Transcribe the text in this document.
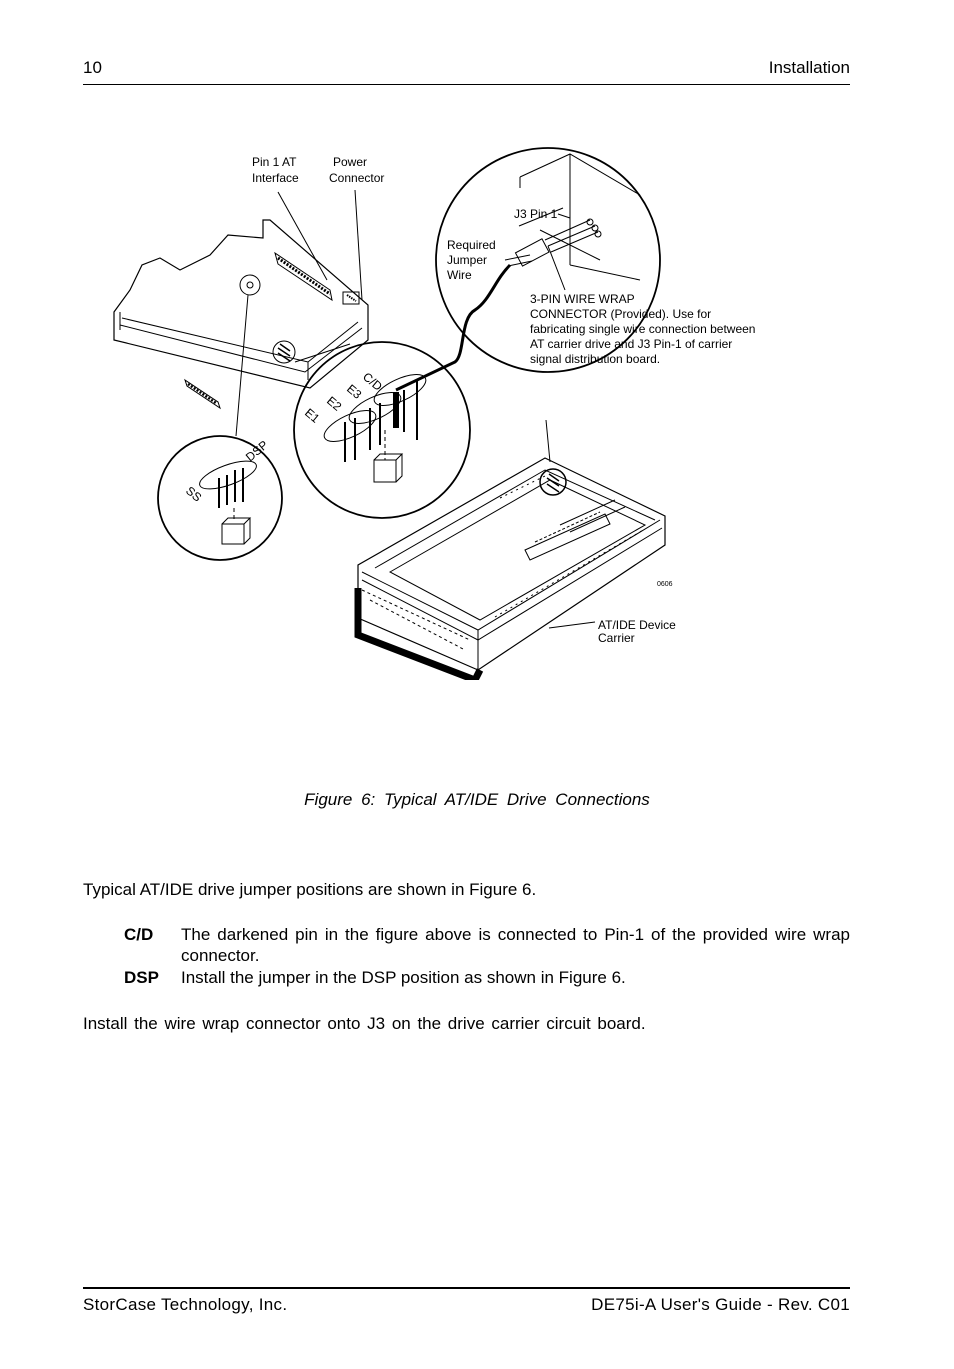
10	Installation
Pin 1 AT
Interface
Power
Connector
J3 Pin 1
Required
Jumper
Wire
3-PIN WIRE WRAP
CONNECTOR (Provided). Use for
fabricating single wire connection between
AT carrier drive and J3 Pin-1 of carrier
signal distribution board.
AT/IDE Device
Carrier
C/D
E3
E2
E1
SS
DSP
0606
Figure 6: Typical AT/IDE Drive Connections
Typical AT/IDE drive jumper positions are shown in Figure 6.
C/D The darkened pin in the figure above is connected to Pin-1 of the provided wire wrap connector.
DSP Install the jumper in the DSP position as shown in Figure 6.
Install the wire wrap connector onto J3 on the drive carrier circuit board.
StorCase Technology, Inc.	DE75i-A User's Guide - Rev. C01
